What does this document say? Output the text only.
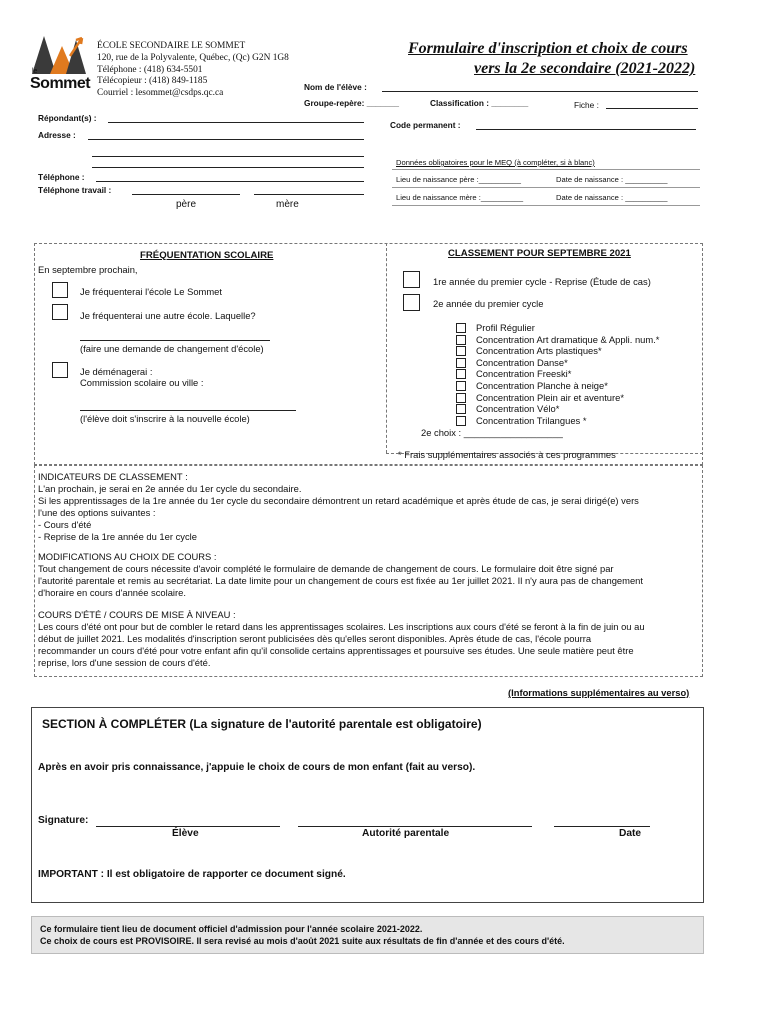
le
Sommet
ÉCOLE SECONDAIRE LE SOMMET
120, rue de la Polyvalente, Québec, (Qc) G2N 1G8
Téléphone : (418) 634-5501
Télécopieur : (418) 849-1185
Courriel : lesommet@csdps.qc.ca
Formulaire d'inscription et choix de cours
vers la 2e secondaire (2021-2022)
Nom de l'élève :
Groupe-repère: _______	Classification : ________	Fiche :
Répondant(s) :
Code permanent :
Adresse :
Téléphone :
Téléphone travail :
père	mère
Données obligatoires pour le MEQ (à compléter, si à blanc)
Lieu de naissance père :__________	Date de naissance : __________
Lieu de naissance mère :__________	Date de naissance : __________
FRÉQUENTATION SCOLAIRE
En septembre prochain,
Je fréquenterai l'école Le Sommet
Je fréquenterai une autre école. Laquelle?
(faire une demande de changement d'école)
Je déménagerai :
Commission scolaire ou ville :
(l'élève doit s'inscrire à la nouvelle école)
CLASSEMENT POUR SEPTEMBRE 2021
1re année du premier cycle - Reprise (Étude de cas)
2e année du premier cycle
Profil Régulier
Concentration Art dramatique & Appli. num.*
Concentration Arts plastiques*
Concentration Danse*
Concentration Freeski*
Concentration Planche à neige*
Concentration Plein air et aventure*
Concentration Vélo*
Concentration Trilangues *
2e choix : ___________________
* Frais supplémentaires associés à ces programmes
INDICATEURS DE CLASSEMENT :
L'an prochain, je serai en 2e année du 1er cycle du secondaire.
Si les apprentissages de la 1re année du 1er cycle du secondaire démontrent un retard académique et après étude de cas, je serai dirigé(e) vers
l'une des options suivantes :
- Cours d'été
- Reprise de la 1re année du 1er cycle
MODIFICATIONS AU CHOIX DE COURS :
Tout changement de cours nécessite d'avoir complété le formulaire de demande de changement de cours. Le formulaire doit être signé par
l'autorité parentale et remis au secrétariat. La date limite pour un changement de cours est fixée au 1er juillet 2021. Il n'y aura pas de changement
d'horaire en cours d'année scolaire.
COURS D'ÉTÉ / COURS DE MISE À NIVEAU :
Les cours d'été ont pour but de combler le retard dans les apprentissages scolaires. Les inscriptions aux cours d'été se feront à la fin de juin ou au
début de juillet 2021. Les modalités d'inscription seront publicisées dès qu'elles seront disponibles. Après étude de cas, l'école pourra
recommander un cours d'été pour votre enfant afin qu'il consolide certains apprentissages et poursuive ses études. Une seule matière peut être
reprise, lors d'une session de cours d'été.
(Informations supplémentaires au verso)
SECTION À COMPLÉTER (La signature de l'autorité parentale est obligatoire)
Après en avoir pris connaissance, j'appuie le choix de cours de mon enfant (fait au verso).
Signature:
Élève	Autorité parentale	Date
IMPORTANT : Il est obligatoire de rapporter ce document signé.
Ce formulaire tient lieu de document officiel d'admission pour l'année scolaire 2021-2022.
Ce choix de cours est PROVISOIRE. Il sera revisé au mois d'août 2021 suite aux résultats de fin d'année et des cours d'été.
